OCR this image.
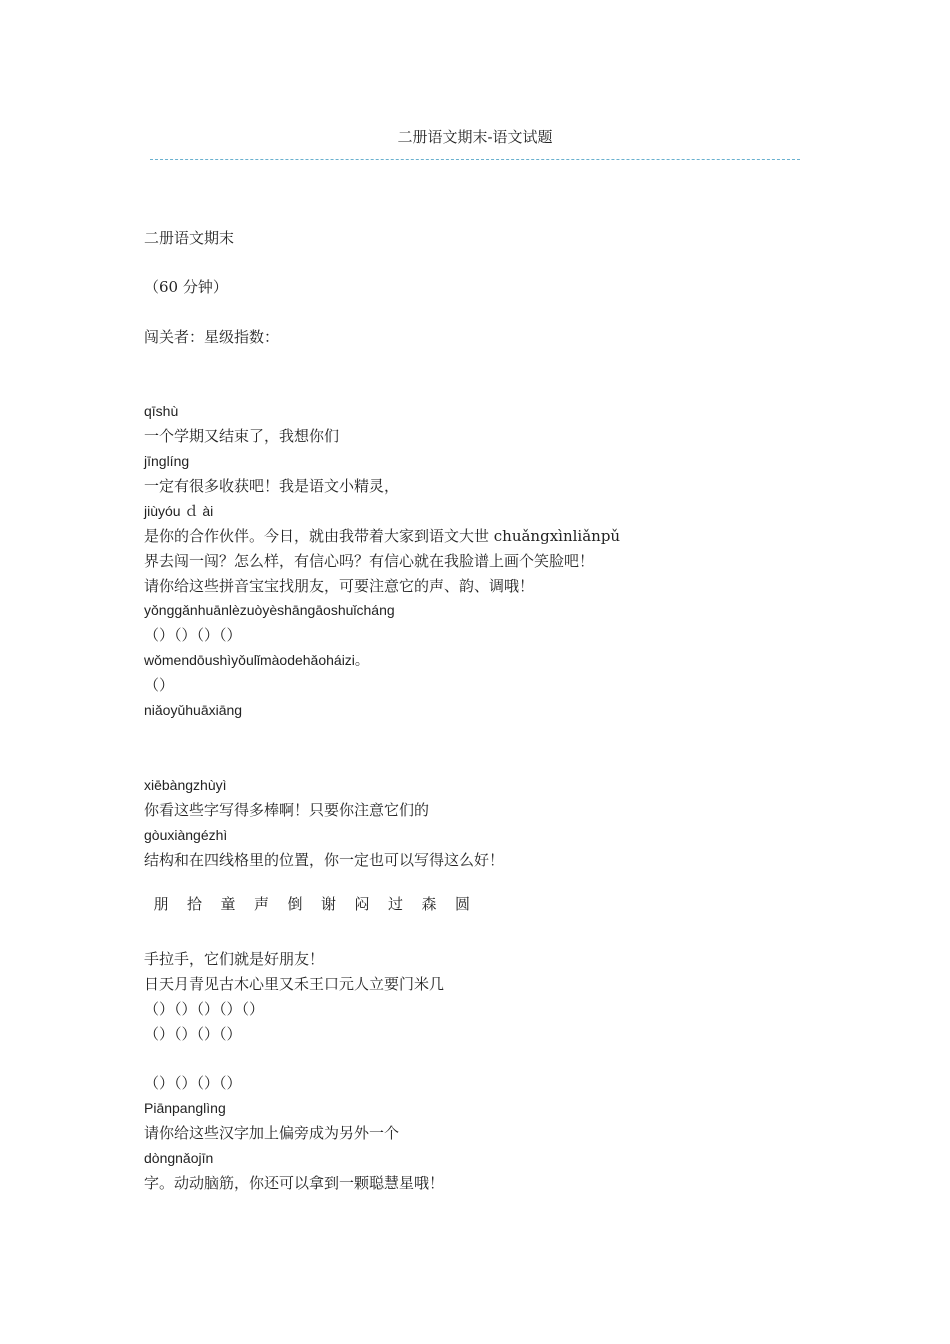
二册语文期末-语文试题
二册语文期末
（60 分钟）
闯关者：星级指数：
qīshù
一个学期又结束了，我想你们
jīnglíng
一定有很多收获吧！我是语文小精灵，
jiùyóu ｄ ài
是你的合作伙伴。今日，就由我带着大家到语文大世 chuǎngxìnliǎnpǔ
界去闯一闯？怎么样，有信心吗？有信心就在我脸谱上画个笑脸吧！
请你给这些拼音宝宝找朋友，可要注意它的声、韵、调哦！
yǒnggǎnhuānlèzuòyèshāngāoshuǐcháng
（）（）（）（）
wǒmendōushìyǒulǐmàodehǎoháizi。
（）
niǎoyǔhuāxiāng
xiēbàngzhùyì
你看这些字写得多棒啊！只要你注意它们的
gòuxiàngézhì
结构和在四线格里的位置，你一定也可以写得这么好！

朋 拾 童 声 倒 谢 闷 过 森 圆

手拉手，它们就是好朋友！
日天月青见古木心里又禾王口元人立要门米几
（）（）（）（）（）
（）（）（）（）
（）（）（）（）
Piānpanglìng
请你给这些汉字加上偏旁成为另外一个
dòngnǎojīn
字。动动脑筋，你还可以拿到一颗聪慧星哦！
